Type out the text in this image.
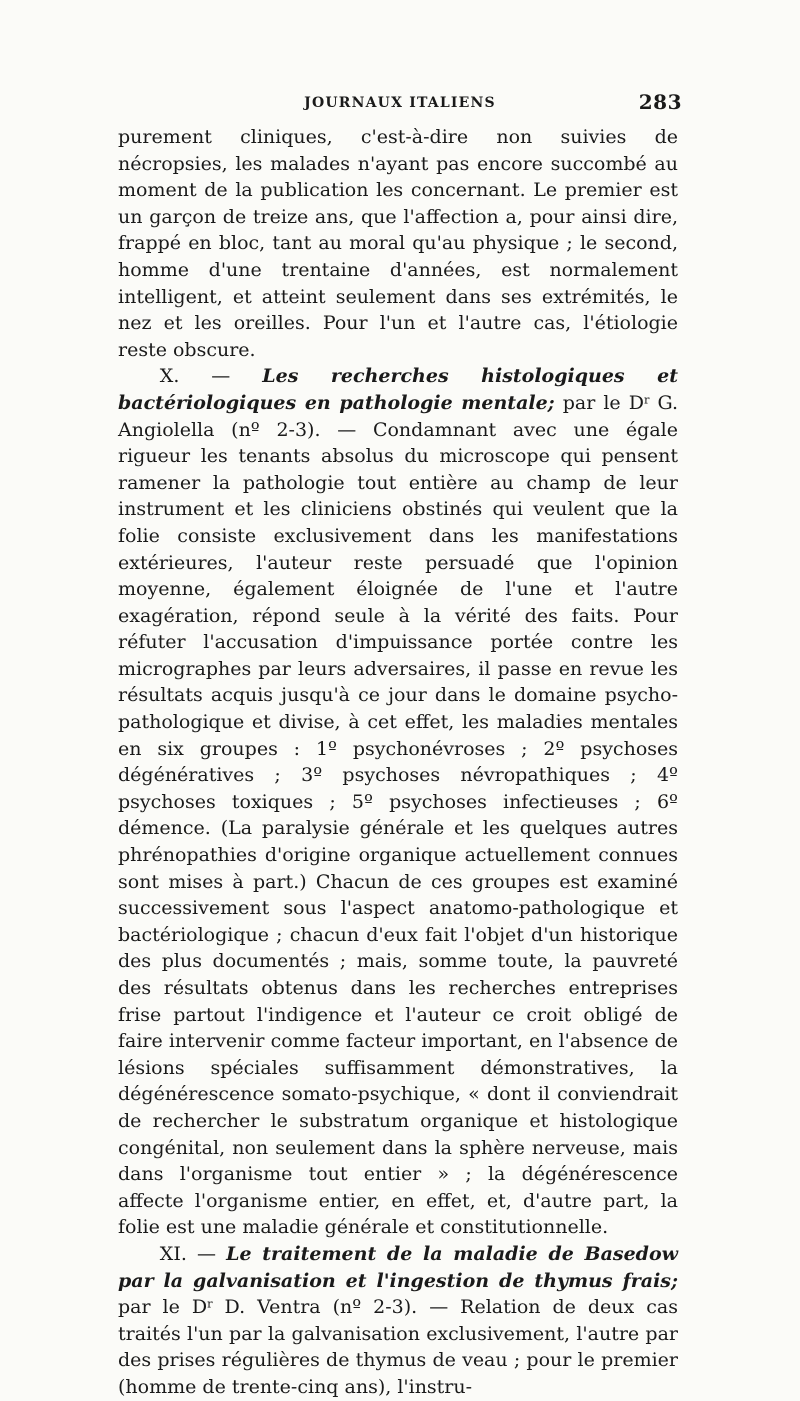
JOURNAUX ITALIENS	283

purement cliniques, c'est-à-dire non suivies de nécropsies, les malades n'ayant pas encore succombé au moment de la publication les concernant. Le premier est un garçon de treize ans, que l'affection a, pour ainsi dire, frappé en bloc, tant au moral qu'au physique ; le second, homme d'une trentaine d'années, est normalement intelligent, et atteint seulement dans ses extrémités, le nez et les oreilles. Pour l'un et l'autre cas, l'étiologie reste obscure.

X. — Les recherches histologiques et bactériologiques en pathologie mentale; par le $D^r$ G. Angiolella (nº 2-3). — Condamnant avec une égale rigueur les tenants absolus du microscope qui pensent ramener la pathologie tout entière au champ de leur instrument et les cliniciens obstinés qui veulent que la folie consiste exclusivement dans les manifestations extérieures, l'auteur reste persuadé que l'opinion moyenne, également éloignée de l'une et l'autre exagération, répond seule à la vérité des faits. Pour réfuter l'accusation d'impuissance portée contre les micrographes par leurs adversaires, il passe en revue les résultats acquis jusqu'à ce jour dans le domaine psycho-pathologique et divise, à cet effet, les maladies mentales en six groupes : 1º psychonévroses ; 2º psychoses dégénératives ; 3º psychoses névropathiques ; 4º psychoses toxiques ; 5º psychoses infectieuses ; 6º démence. (La paralysie générale et les quelques autres phrénopathies d'origine organique actuellement connues sont mises à part.) Chacun de ces groupes est examiné successivement sous l'aspect anatomo-pathologique et bactériologique ; chacun d'eux fait l'objet d'un historique des plus documentés ; mais, somme toute, la pauvreté des résultats obtenus dans les recherches entreprises frise partout l'indigence et l'auteur ce croit obligé de faire intervenir comme facteur important, en l'absence de lésions spéciales suffisamment démonstratives, la dégénérescence somato-psychique, « dont il conviendrait de rechercher le substratum organique et histologique congénital, non seulement dans la sphère nerveuse, mais dans l'organisme tout entier » ; la dégénérescence affecte l'organisme entier, en effet, et, d'autre part, la folie est une maladie générale et constitutionnelle.

XI. — Le traitement de la maladie de Basedow par la galvanisation et l'ingestion de thymus frais; par le $D^r$ D. Ventra (nº 2-3). — Relation de deux cas traités l'un par la galvanisation exclusivement, l'autre par des prises régulières de thymus de veau ; pour le premier (homme de trente-cinq ans), l'instru-
